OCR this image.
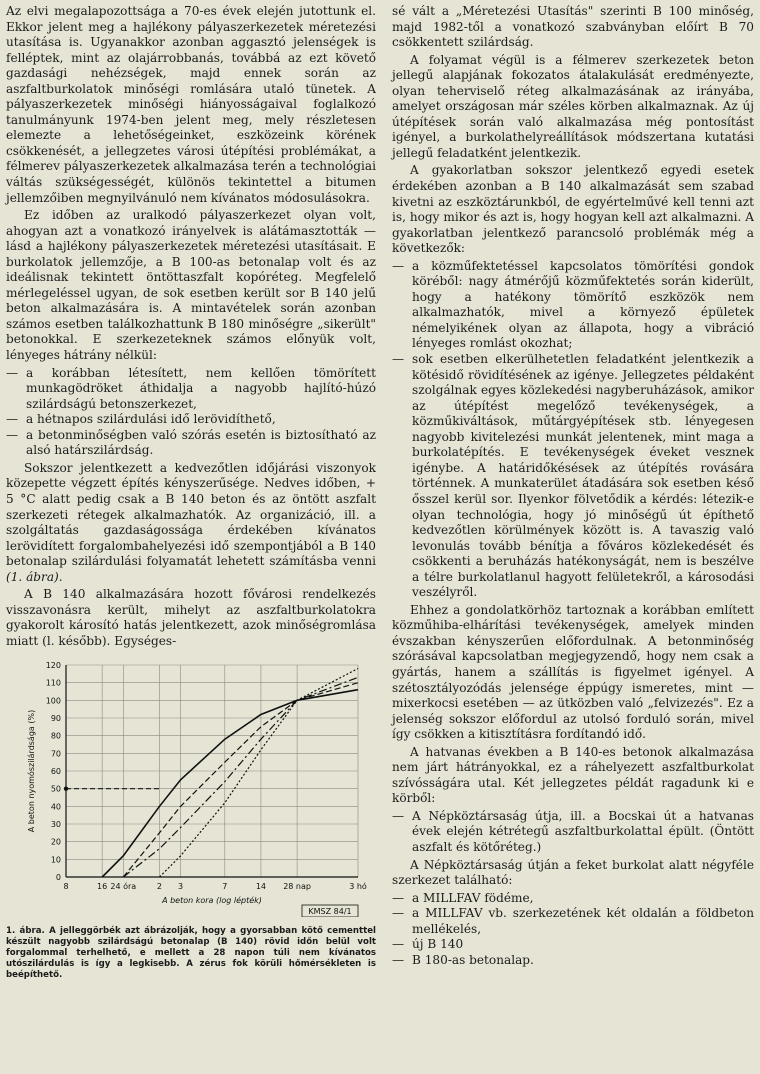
Az elvi megalapozottsága a 70-es évek elején jutottunk el. Ekkor jelent meg a hajlékony pályaszerkezetek méretezési utasítása is. Ugyanakkor azonban aggasztó jelenségek is felléptek, mint az olajárrobbanás, továbbá az ezt követő gazdasági nehézségek, majd ennek során az aszfaltburkolatok minőségi romlására utaló tünetek. A pályaszerkezetek minőségi hiányosságaival foglalkozó tanulmányunk 1974-ben jelent meg, mely részletesen elemezte a lehetőségeinket, eszközeink körének csökkenését, a jellegzetes városi útépítési problémákat, a félmerev pályaszerkezetek alkalmazása terén a technológiai váltás szükségességét, különös tekintettel a bitumen jellemzőiben megnyilvánuló nem kívánatos módosulásokra.

Ez időben az uralkodó pályaszerkezet olyan volt, ahogyan azt a vonatkozó irányelvek is alátámasztották — lásd a hajlékony pályaszerkezetek méretezési utasításait. E burkolatok jellemzője, a B 100-as betonalap volt és az ideálisnak tekintett öntöttaszfalt kopóréteg. Megfelelő mérlegeléssel ugyan, de sok esetben került sor B 140 jelű beton alkalmazására is. A mintavételek során azonban számos esetben találkozhattunk B 180 minőségre „sikerült" betonokkal. E szerkezeteknek számos előnyük volt, lényeges hátrány nélkül:

— a korábban létesített, nem kellően tömörített munkagödröket áthidalja a nagyobb hajlító-húzó szilárdságú betonszerkezet,
— a hétnapos szilárdulási idő lerövidíthető,
— a betonminőségben való szórás esetén is biztosítható az alsó határszilárdság.

Sokszor jelentkezett a kedvezőtlen időjárási viszonyok közepette végzett építés kényszerűsége. Nedves időben, + 5 °C alatt pedig csak a B 140 beton és az öntött aszfalt szerkezeti rétegek alkalmazhatók. Az organizáció, ill. a szolgáltatás gazdaságossága érdekében kívánatos lerövidített forgalombahelyezési idő szempontjából a B 140 betonalap szilárdulási folyamatát lehetett számításba venni (1. ábra).

A B 140 alkalmazására hozott fővárosi rendelkezés visszavonásra került, mihelyt az aszfaltburkolatokra gyakorolt károsító hatás jelentkezett, azok minőségromlása miatt (l. később). Egységes-

0
10
20
30
40
50
60
70
80
90
100
110
120
8	16 24 óra	2 3	7	14 28 nap	3 hó
A beton nyomószilárdsága (%)
A beton kora (log lépték)
KMSZ 84/1
1. ábra. A jelleggörbék azt ábrázolják, hogy a gyorsabban kötő cementtel készült nagyobb szilárdságú betonalap (B 140) rövid időn belül volt forgalommal terhelhető, e mellett a 28 napon túli nem kívánatos utószilárdulás is így a legkisebb. A zérus fok körüli hőmérsékleten is beépíthető.

sé vált a „Méretezési Utasítás" szerinti B 100 minőség, majd 1982-től a vonatkozó szabványban előírt B 70 csökkentett szilárdság.

A folyamat végül is a félmerev szerkezetek beton jellegű alapjának fokozatos átalakulását eredményezte, olyan teherviselő réteg alkalmazásának az irányába, amelyet országosan már széles körben alkalmaznak. Az új útépítések során való alkalmazása még pontosítást igényel, a burkolathelyreállítások módszertana kutatási jellegű feladatként jelentkezik.

A gyakorlatban sokszor jelentkező egyedi esetek érdekében azonban a B 140 alkalmazását sem szabad kivetni az eszköztárunkból, de egyértelművé kell tenni azt is, hogy mikor és azt is, hogy hogyan kell azt alkalmazni. A gyakorlatban jelentkező parancsoló problémák még a következők:

— a közműfektetéssel kapcsolatos tömörítési gondok köréből: nagy átmérőjű közműfektetés során kiderült, hogy a hatékony tömörítő eszközök nem alkalmazhatók, mivel a környező épületek némelyikének olyan az állapota, hogy a vibráció lényeges romlást okozhat;
— sok esetben elkerülhetetlen feladatként jelentkezik a kötésidő rövidítésének az igénye. Jellegzetes példaként szolgálnak egyes közlekedési nagyberuházások, amikor az útépítést megelőző tevékenységek, a közműkiváltások, műtárgyépítések stb. lényegesen nagyobb kivitelezési munkát jelentenek, mint maga a burkolatépítés. E tevékenységek éveket vesznek igénybe. A határidőkésések az útépítés rovására történnek. A munkaterület átadására sok esetben késő ősszel kerül sor. Ilyenkor fölvetődik a kérdés: létezik-e olyan technológia, hogy jó minőségű út építhető kedvezőtlen körülmények között is. A tavaszig való levonulás tovább bénítja a főváros közlekedését és csökkenti a beruházás hatékonyságát, nem is beszélve a télre burkolatlanul hagyott felületekről, a károsodási veszélyről.

Ehhez a gondolatkörhöz tartoznak a korábban említett közműhiba-elhárítási tevékenységek, amelyek minden évszakban kényszerűen előfordulnak. A betonminőség szórásával kapcsolatban megjegyzendő, hogy nem csak a gyártás, hanem a szállítás is figyelmet igényel. A szétosztályozódás jelensége éppúgy ismeretes, mint — mixerkocsi esetében — az ütközben való „felvizezés". Ez a jelenség sokszor előfordul az utolsó forduló során, mivel így csökken a kitisztításra fordítandó idő.

A hatvanas években a B 140-es betonok alkalmazása nem járt hátrányokkal, ez a ráhelyezett aszfaltburkolat szívósságára utal. Két jellegzetes példát ragadunk ki e körből:

— A Népköztársaság útja, ill. a Bocskai út a hatvanas évek elején kétrétegű aszfaltburkolattal épült. (Öntött aszfalt és kötőréteg.)

A Népköztársaság útján a feket burkolat alatt négyféle szerkezet található:

— a MILLFAV födéme,
— a MILLFAV vb. szerkezetének két oldalán a földbeton mellékelés,
— új B 140
— B 180-as betonalap.
